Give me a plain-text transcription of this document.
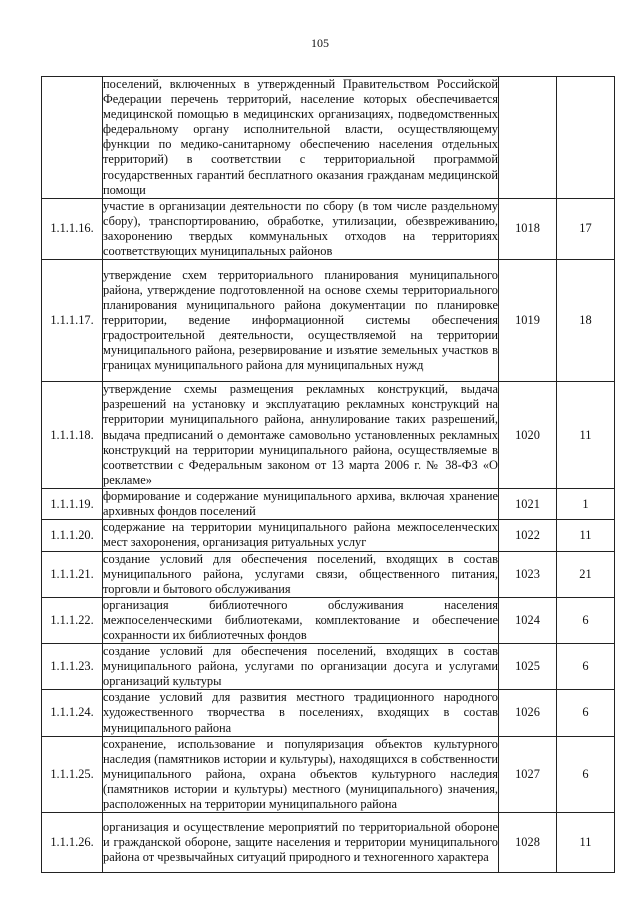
105
	поселений, включенных в утвержденный Правительством Российской Федерации перечень территорий, население которых обеспечивается медицинской помощью в медицинских организациях, подведомственных федеральному органу исполнительной власти, осуществляющему функции по медико-санитарному обеспечению населения отдельных территорий) в соответствии с территориальной программой государственных гарантий бесплатного оказания гражданам медицинской помощи		
1.1.1.16.	участие в организации деятельности по сбору (в том числе раздельному сбору), транспортированию, обработке, утилизации, обезвреживанию, захоронению твердых коммунальных отходов на территориях соответствующих муниципальных районов	1018	17
1.1.1.17.	утверждение схем территориального планирования муниципального района, утверждение подготовленной на основе схемы территориального планирования муниципального района документации по планировке территории, ведение информационной системы обеспечения градостроительной деятельности, осуществляемой на территории муниципального района, резервирование и изъятие земельных участков в границах муниципального района для муниципальных нужд	1019	18
1.1.1.18.	утверждение схемы размещения рекламных конструкций, выдача разрешений на установку и эксплуатацию рекламных конструкций на территории муниципального района, аннулирование таких разрешений, выдача предписаний о демонтаже самовольно установленных рекламных конструкций на территории муниципального района, осуществляемые в соответствии с Федеральным законом от 13 марта 2006 г. № 38-ФЗ «О рекламе»	1020	11
1.1.1.19.	формирование и содержание муниципального архива, включая хранение архивных фондов поселений	1021	1
1.1.1.20.	содержание на территории муниципального района межпоселенческих мест захоронения, организация ритуальных услуг	1022	11
1.1.1.21.	создание условий для обеспечения поселений, входящих в состав муниципального района, услугами связи, общественного питания, торговли и бытового обслуживания	1023	21
1.1.1.22.	организация библиотечного обслуживания населения межпоселенческими библиотеками, комплектование и обеспечение сохранности их библиотечных фондов	1024	6
1.1.1.23.	создание условий для обеспечения поселений, входящих в состав муниципального района, услугами по организации досуга и услугами организаций культуры	1025	6
1.1.1.24.	создание условий для развития местного традиционного народного художественного творчества в поселениях, входящих в состав муниципального района	1026	6
1.1.1.25.	сохранение, использование и популяризация объектов культурного наследия (памятников истории и культуры), находящихся в собственности муниципального района, охрана объектов культурного наследия (памятников истории и культуры) местного (муниципального) значения, расположенных на территории муниципального района	1027	6
1.1.1.26.	организация и осуществление мероприятий по территориальной обороне и гражданской обороне, защите населения и территории муниципального района от чрезвычайных ситуаций природного и техногенного характера	1028	11
